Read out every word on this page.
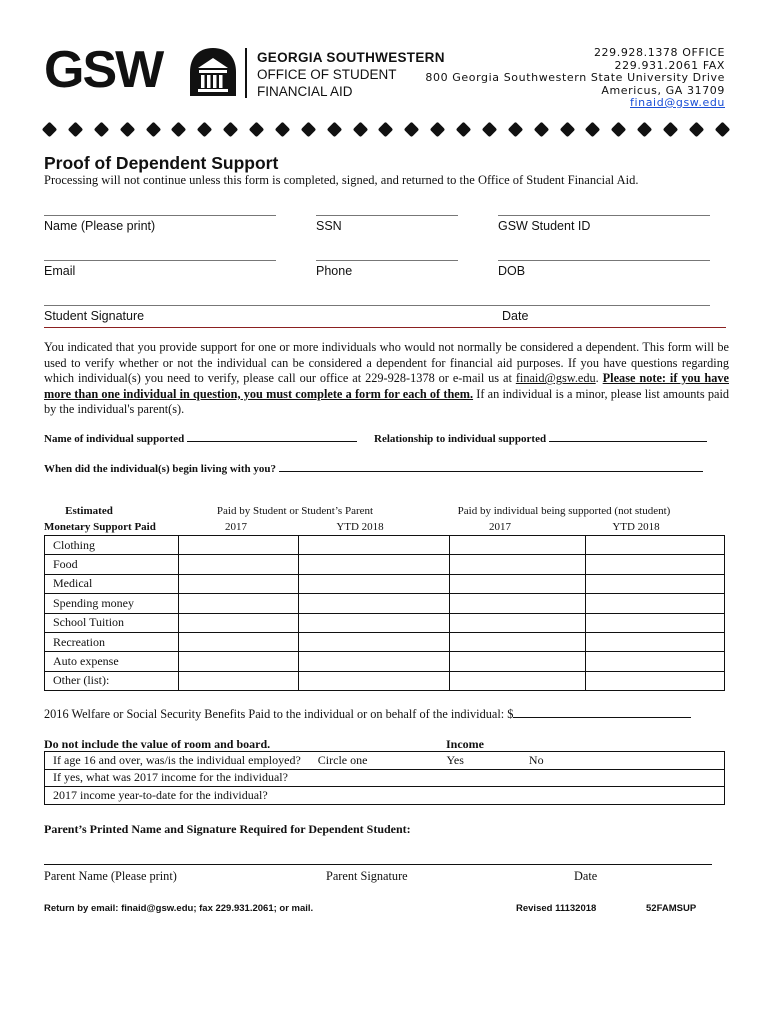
GSW	GEORGIA SOUTHWESTERN
OFFICE OF STUDENT
FINANCIAL AID
229.928.1378 OFFICE
229.931.2061 FAX
800 Georgia Southwestern State University Drive
Americus, GA 31709
finaid@gsw.edu
Proof of Dependent Support
Processing will not continue unless this form is completed, signed, and returned to the Office of Student Financial Aid.
Name (Please print)	SSN	GSW Student ID
Email	Phone	DOB
Student Signature	Date
You indicated that you provide support for one or more individuals who would not normally be considered a dependent. This form will be used to verify whether or not the individual can be considered a dependent for financial aid purposes. If you have questions regarding which individual(s) you need to verify, please call our office at 229-928-1378 or e-mail us at finaid@gsw.edu. Please note: if you have more than one individual in question, you must complete a form for each of them. If an individual is a minor, please list amounts paid by the individual's parent(s).
Name of individual supported	Relationship to individual supported
When did the individual(s) begin living with you?
Estimated
Monetary Support Paid
Paid by Student or Student’s Parent	Paid by individual being supported (not student)
2017	YTD 2018	2017	YTD 2018
Clothing				
Food				
Medical				
Spending money				
School Tuition				
Recreation				
Auto expense				
Other (list):				
2016 Welfare or Social Security Benefits Paid to the individual or on behalf of the individual: $
Do not include the value of room and board.	Income
If age 16 and over, was/is the individual employed? Circle one	Yes	No
If yes, what was 2017 income for the individual?
2017 income year-to-date for the individual?
Parent’s Printed Name and Signature Required for Dependent Student:
Parent Name (Please print)	Parent Signature	Date
Return by email: finaid@gsw.edu; fax 229.931.2061; or mail.	Revised 11132018	52FAMSUP
